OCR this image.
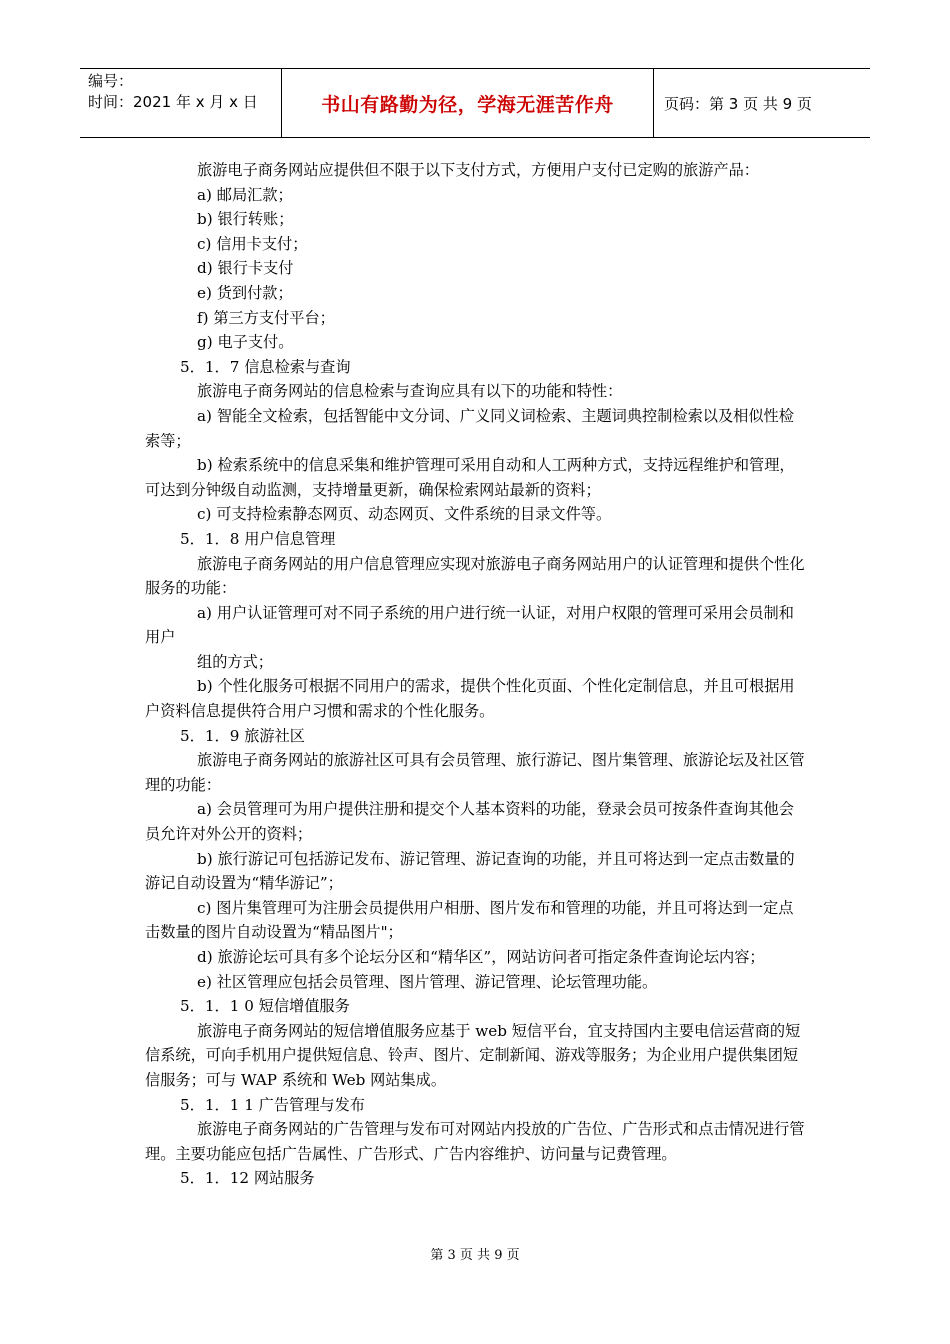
编号：
时间：2021 年 x 月 x 日	书山有路勤为径，学海无涯苦作舟	页码：第 3 页 共 9 页

旅游电子商务网站应提供但不限于以下支付方式，方便用户支付已定购的旅游产品：

a) 邮局汇款；

b) 银行转账；

c) 信用卡支付；

d) 银行卡支付

e) 货到付款；

f) 第三方支付平台；

g) 电子支付。

5．1．7 信息检索与查询

旅游电子商务网站的信息检索与查询应具有以下的功能和特性：

a) 智能全文检索，包括智能中文分词、广义同义词检索、主题词典控制检索以及相似性检索等；

b) 检索系统中的信息采集和维护管理可采用自动和人工两种方式，支持远程维护和管理，可达到分钟级自动监测，支持增量更新，确保检索网站最新的资料；

c) 可支持检索静态网页、动态网页、文件系统的目录文件等。

5．1．8 用户信息管理

旅游电子商务网站的用户信息管理应实现对旅游电子商务网站用户的认证管理和提供个性化服务的功能：

a) 用户认证管理可对不同子系统的用户进行统一认证，对用户权限的管理可采用会员制和用户

组的方式；

b) 个性化服务可根据不同用户的需求，提供个性化页面、个性化定制信息，并且可根据用户资料信息提供符合用户习惯和需求的个性化服务。

5．1．9 旅游社区

旅游电子商务网站的旅游社区可具有会员管理、旅行游记、图片集管理、旅游论坛及社区管理的功能：

a) 会员管理可为用户提供注册和提交个人基本资料的功能，登录会员可按条件查询其他会员允许对外公开的资料；

b) 旅行游记可包括游记发布、游记管理、游记查询的功能，并且可将达到一定点击数量的游记自动设置为“精华游记”；

c) 图片集管理可为注册会员提供用户相册、图片发布和管理的功能，并且可将达到一定点击数量的图片自动设置为“精品图片"；

d) 旅游论坛可具有多个论坛分区和“精华区”，网站访问者可指定条件查询论坛内容；

e) 社区管理应包括会员管理、图片管理、游记管理、论坛管理功能。

5．1．1 0 短信增值服务

旅游电子商务网站的短信增值服务应基于 web 短信平台，宜支持国内主要电信运营商的短信系统，可向手机用户提供短信息、铃声、图片、定制新闻、游戏等服务；为企业用户提供集团短信服务；可与 WAP 系统和 Web 网站集成。

5．1．1 1 广告管理与发布

旅游电子商务网站的广告管理与发布可对网站内投放的广告位、广告形式和点击情况进行管理。主要功能应包括广告属性、广告形式、广告内容维护、访问量与记费管理。

5．1．12 网站服务

第 3 页 共 9 页
